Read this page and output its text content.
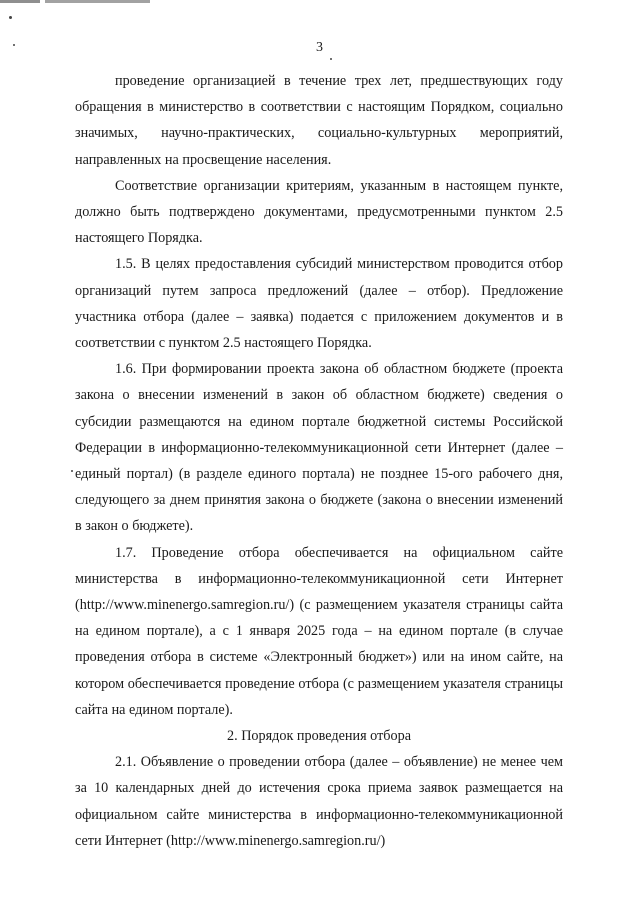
3

проведение организацией в течение трех лет, предшествующих году обращения в министерство в соответствии с настоящим Порядком, социально значимых, научно-практических, социально-культурных мероприятий, направленных на просвещение населения.

Соответствие организации критериям, указанным в настоящем пункте, должно быть подтверждено документами, предусмотренными пунктом 2.5 настоящего Порядка.

1.5. В целях предоставления субсидий министерством проводится отбор организаций путем запроса предложений (далее – отбор). Предложение участника отбора (далее – заявка) подается с приложением документов и в соответствии с пунктом 2.5 настоящего Порядка.

1.6. При формировании проекта закона об областном бюджете (проекта закона о внесении изменений в закон об областном бюджете) сведения о субсидии размещаются на едином портале бюджетной системы Российской Федерации в информационно-телекоммуникационной сети Интернет (далее – единый портал) (в разделе единого портала) не позднее 15-ого рабочего дня, следующего за днем принятия закона о бюджете (закона о внесении изменений в закон о бюджете).

1.7. Проведение отбора обеспечивается на официальном сайте министерства в информационно-телекоммуникационной сети Интернет (http://www.minenergo.samregion.ru/) (с размещением указателя страницы сайта на едином портале), а с 1 января 2025 года – на едином портале (в случае проведения отбора в системе «Электронный бюджет») или на ином сайте, на котором обеспечивается проведение отбора (с размещением указателя страницы сайта на едином портале).

2. Порядок проведения отбора

2.1. Объявление о проведении отбора (далее – объявление) не менее чем за 10 календарных дней до истечения срока приема заявок размещается на официальном сайте министерства в информационно-телекоммуникационной сети Интернет (http://www.minenergo.samregion.ru/)
